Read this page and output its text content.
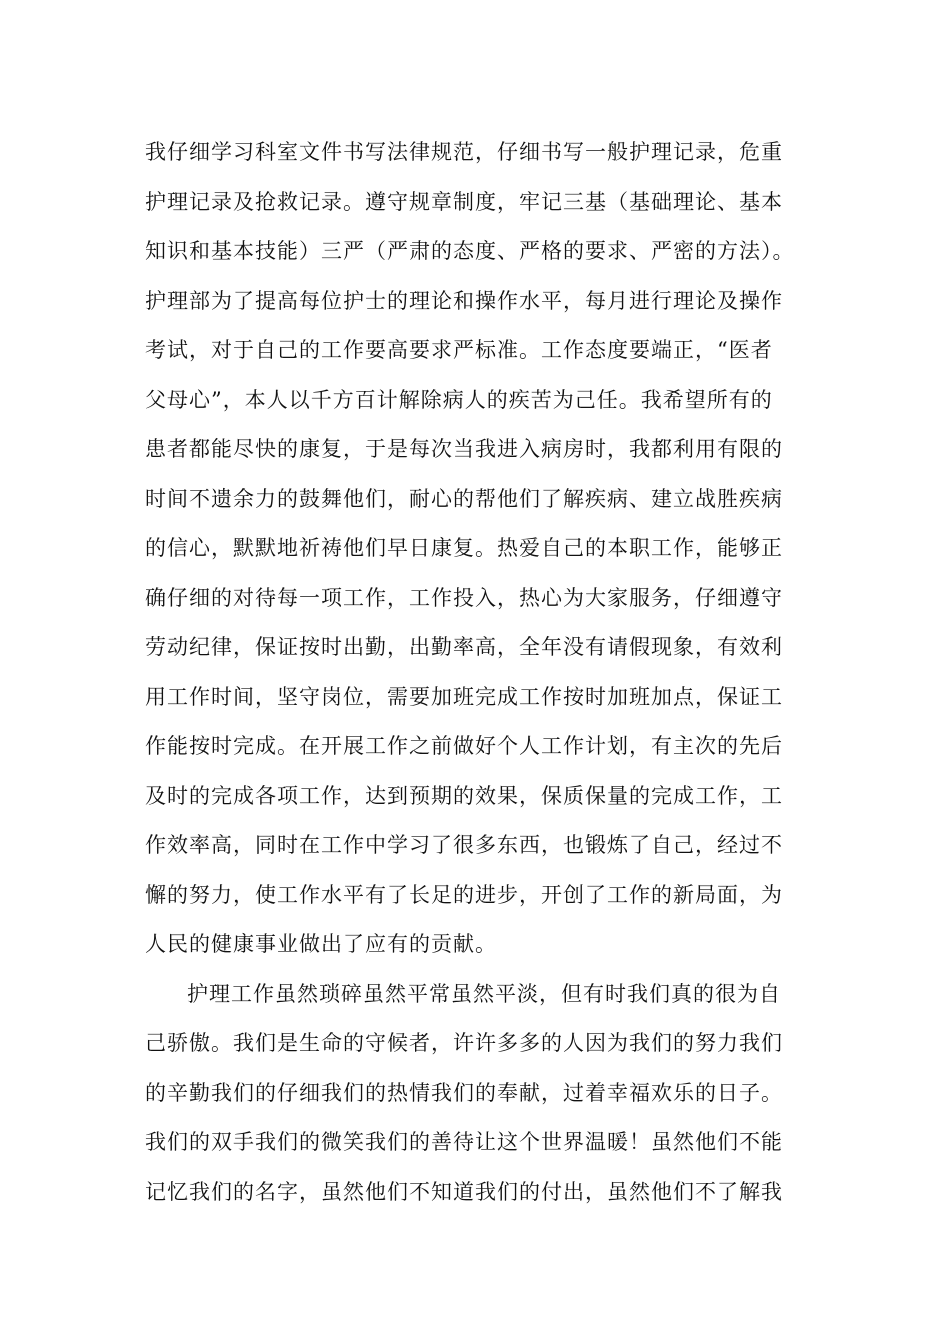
我仔细学习科室文件书写法律规范，仔细书写一般护理记录，危重
护理记录及抢救记录。遵守规章制度，牢记三基（基础理论、基本
知识和基本技能）三严（严肃的态度、严格的要求、严密的方法）。
护理部为了提高每位护士的理论和操作水平，每月进行理论及操作
考试，对于自己的工作要高要求严标准。工作态度要端正，“医者
父母心”，本人以千方百计解除病人的疾苦为己任。我希望所有的
患者都能尽快的康复，于是每次当我进入病房时，我都利用有限的
时间不遗余力的鼓舞他们，耐心的帮他们了解疾病、建立战胜疾病
的信心，默默地祈祷他们早日康复。热爱自己的本职工作，能够正
确仔细的对待每一项工作，工作投入，热心为大家服务，仔细遵守
劳动纪律，保证按时出勤，出勤率高，全年没有请假现象，有效利
用工作时间，坚守岗位，需要加班完成工作按时加班加点，保证工
作能按时完成。在开展工作之前做好个人工作计划，有主次的先后
及时的完成各项工作，达到预期的效果，保质保量的完成工作，工
作效率高，同时在工作中学习了很多东西，也锻炼了自己，经过不
懈的努力，使工作水平有了长足的进步，开创了工作的新局面，为
人民的健康事业做出了应有的贡献。
护理工作虽然琐碎虽然平常虽然平淡，但有时我们真的很为自
己骄傲。我们是生命的守候者，许许多多的人因为我们的努力我们
的辛勤我们的仔细我们的热情我们的奉献，过着幸福欢乐的日子。
我们的双手我们的微笑我们的善待让这个世界温暖！虽然他们不能
记忆我们的名字，虽然他们不知道我们的付出，虽然他们不了解我
